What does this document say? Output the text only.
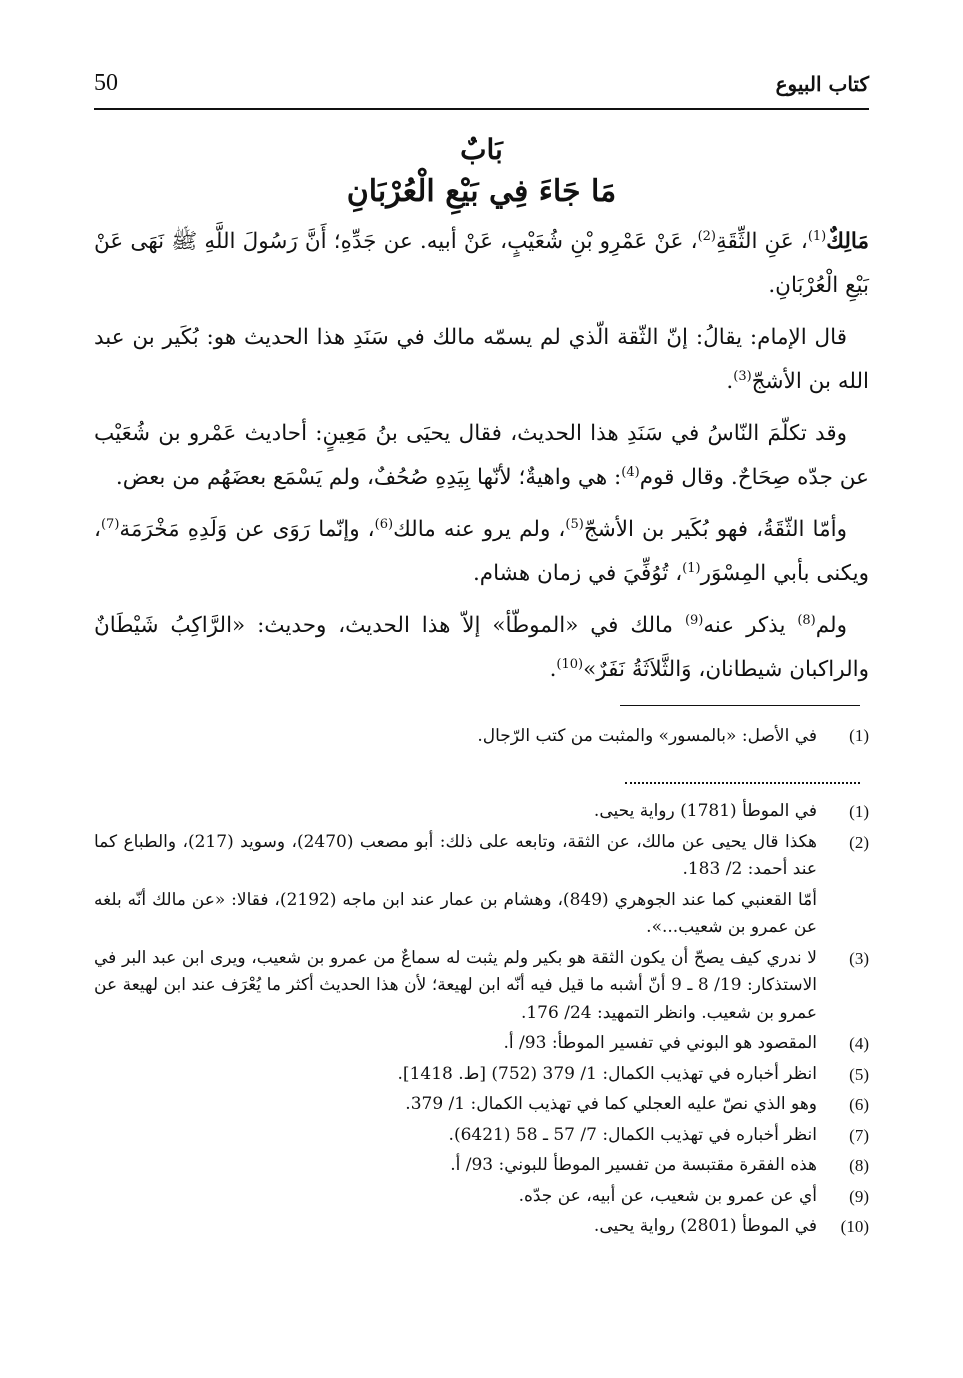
كتاب البيوع
50
بَابٌ
مَا جَاءَ فِي بَيْعِ الْعُرْبَانِ

مَالِكٌ$^{(1)}$، عَنِ الثِّقَةِ$^{(2)}$، عَنْ عَمْرِو بْنِ شُعَيْبٍ، عَنْ أبيه. عن جَدِّهِ؛ أَنَّ رَسُولَ اللَّهِ ﷺ نَهَى عَنْ بَيْعِ الْعُرْبَانِ.

قال الإمام: يقالُ: إنّ الثّقة الّذي لم يسمّه مالك في سَنَدِ هذا الحديث هو: بُكَير بن عبد الله بن الأشجّ$^{(3)}$.

وقد تكلّمَ النّاسُ في سَنَدِ هذا الحديث، فقال يحيَى بنُ مَعِينٍ: أحاديث عَمْرو بن شُعَيْب عن جدّه صِحَاحٌ. وقال قوم$^{(4)}$: هي واهيةٌ؛ لأنّها بِيَدِهِ صُحُفٌ، ولم يَسْمَع بعضَهُم من بعض.

وأمّا الثّقَةُ، فهو بُكَير بن الأشجّ$^{(5)}$، ولم يرو عنه مالك$^{(6)}$، وإنّما رَوَى عن وَلَدِهِ مَخْرَمَة$^{(7)}$، ويكنى بأبي المِسْوَر$^{(1)}$، تُوُفِّيَ في زمان هشام.

ولم$^{(8)}$ يذكر عنه$^{(9)}$ مالك في «الموطّأ» إلاّ هذا الحديث، وحديث: «الرَّاكِبُ شَيْطَانٌ والراكبان شيطانان، وَالثَّلاَثَةُ نَفَرٌ»$^{(10)}$.

(1)
في الأصل: «بالمسور» والمثبت من كتب الرّجال.
(1)
في الموطأ (1781) رواية يحيى.
(2)
هكذا قال يحيى عن مالك، عن الثقة، وتابعه على ذلك: أبو مصعب (2470)، وسويد (217)، والطباع كما عند أحمد: 2/ 183.
أمّا القعنبي كما عند الجوهري (849)، وهشام بن عمار عند ابن ماجه (2192)، فقالا: «عن مالك أنّه بلغه عن عمرو بن شعيب...».
(3)
لا ندري كيف يصحّ أن يكون الثقة هو بكير ولم يثبت له سماعٌ من عمرو بن شعيب، ويرى ابن عبد البر في الاستذكار: 19/ 8 ـ 9 أنّ أشبه ما قيل فيه أنّه ابن لهيعة؛ لأن هذا الحديث أكثر ما يُعْرَف عند ابن لهيعة عن عمرو بن شعيب. وانظر التمهيد: 24/ 176.
(4)
المقصود هو البوني في تفسير الموطأ: 93/ أ.
(5)
انظر أخباره في تهذيب الكمال: 1/ 379 (752) [ط. 1418].
(6)
وهو الذي نصّ عليه العجلي كما في تهذيب الكمال: 1/ 379.
(7)
انظر أخباره في تهذيب الكمال: 7/ 57 ـ 58 (6421).
(8)
هذه الفقرة مقتبسة من تفسير الموطأ للبوني: 93/ أ.
(9)
أي عن عمرو بن شعيب، عن أبيه، عن جدّه.
(10)
في الموطأ (2801) رواية يحيى.
